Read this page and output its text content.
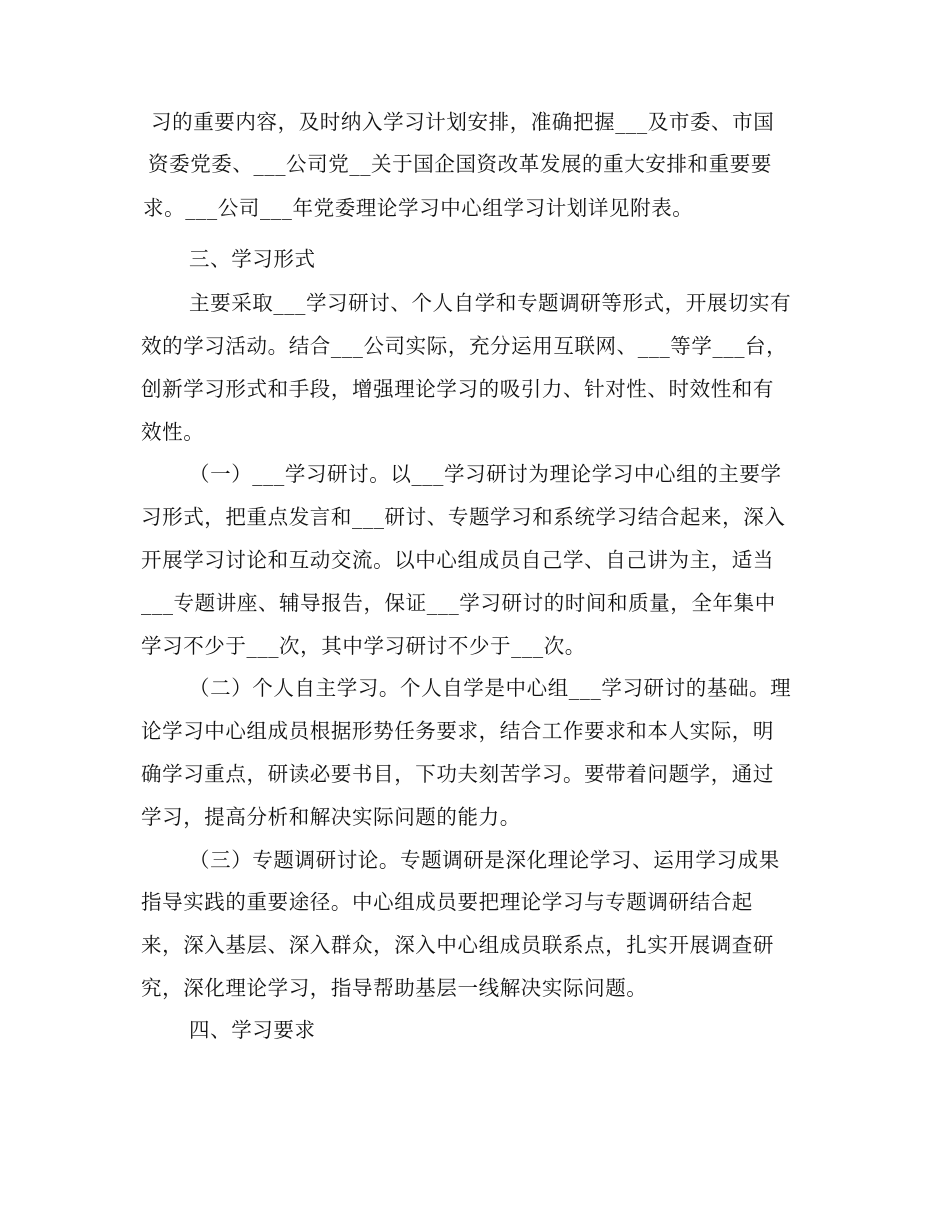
习的重要内容，及时纳入学习计划安排，准确把握___及市委、市国
资委党委、___公司党__关于国企国资改革发展的重大安排和重要要
求。___公司___年党委理论学习中心组学习计划详见附表。
三、学习形式
主要采取___学习研讨、个人自学和专题调研等形式，开展切实有
效的学习活动。结合___公司实际，充分运用互联网、___等学___台，
创新学习形式和手段，增强理论学习的吸引力、针对性、时效性和有
效性。
（一）___学习研讨。以___学习研讨为理论学习中心组的主要学
习形式，把重点发言和___研讨、专题学习和系统学习结合起来，深入
开展学习讨论和互动交流。以中心组成员自己学、自己讲为主，适当
___专题讲座、辅导报告，保证___学习研讨的时间和质量，全年集中
学习不少于___次，其中学习研讨不少于___次。
（二）个人自主学习。个人自学是中心组___学习研讨的基础。理
论学习中心组成员根据形势任务要求，结合工作要求和本人实际，明
确学习重点，研读必要书目，下功夫刻苦学习。要带着问题学，通过
学习，提高分析和解决实际问题的能力。
（三）专题调研讨论。专题调研是深化理论学习、运用学习成果
指导实践的重要途径。中心组成员要把理论学习与专题调研结合起
来，深入基层、深入群众，深入中心组成员联系点，扎实开展调查研
究，深化理论学习，指导帮助基层一线解决实际问题。
四、学习要求
